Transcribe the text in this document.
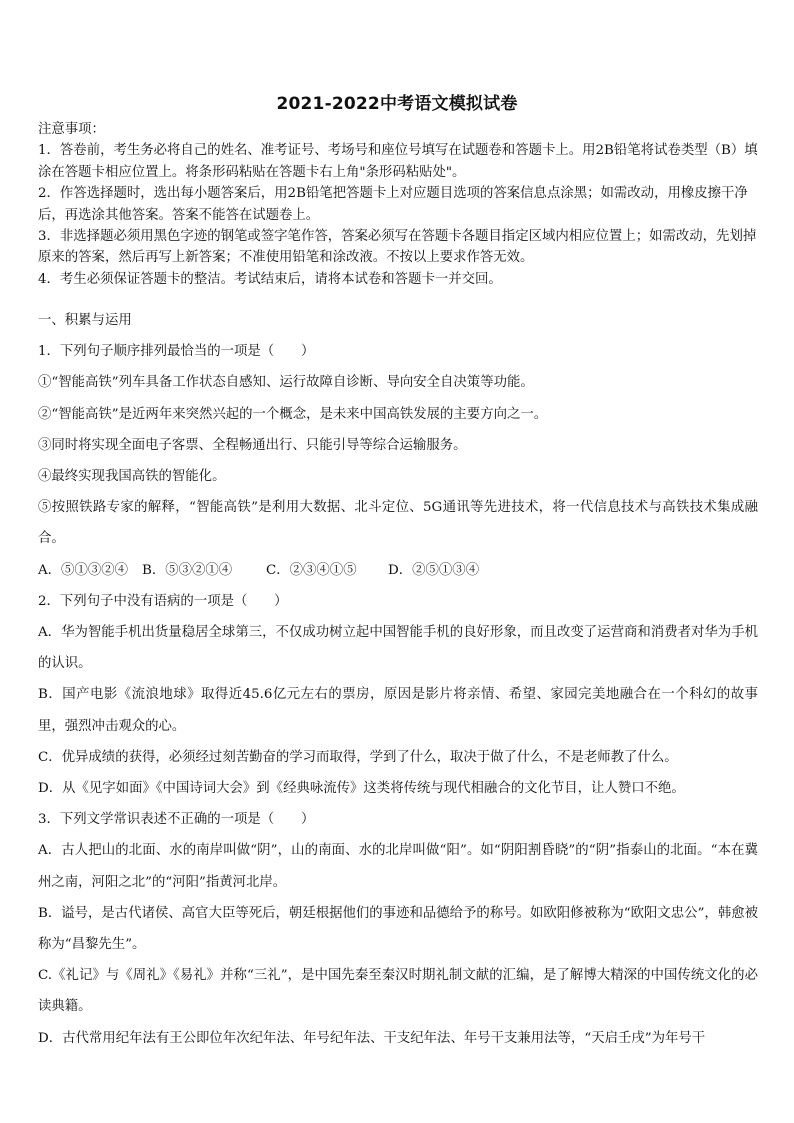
2021-2022中考语文模拟试卷

注意事项：

1．答卷前，考生务必将自己的姓名、准考证号、考场号和座位号填写在试题卷和答题卡上。用2B铅笔将试卷类型（B）填涂在答题卡相应位置上。将条形码粘贴在答题卡右上角"条形码粘贴处"。

2．作答选择题时，选出每小题答案后，用2B铅笔把答题卡上对应题目选项的答案信息点涂黑；如需改动，用橡皮擦干净后，再选涂其他答案。答案不能答在试题卷上。

3．非选择题必须用黑色字迹的钢笔或签字笔作答，答案必须写在答题卡各题目指定区域内相应位置上；如需改动，先划掉原来的答案，然后再写上新答案；不准使用铅笔和涂改液。不按以上要求作答无效。

4．考生必须保证答题卡的整洁。考试结束后，请将本试卷和答题卡一并交回。

一、积累与运用

1．下列句子顺序排列最恰当的一项是（　　）

①“智能高铁”列车具备工作状态自感知、运行故障自诊断、导向安全自决策等功能。

②“智能高铁”是近两年来突然兴起的一个概念，是未来中国高铁发展的主要方向之一。

③同时将实现全面电子客票、全程畅通出行、只能引导等综合运输服务。

④最终实现我国高铁的智能化。

⑤按照铁路专家的解释，“智能高铁”是利用大数据、北斗定位、5G通讯等先进技术，将一代信息技术与高铁技术集成融合。

A．⑤①③②④ B．⑤③②①④	C．②③④①⑤ D．②⑤①③④

2．下列句子中没有语病的一项是（　　）

A．华为智能手机出货量稳居全球第三，不仅成功树立起中国智能手机的良好形象，而且改变了运营商和消费者对华为手机的认识。

B．国产电影《流浪地球》取得近45.6亿元左右的票房，原因是影片将亲情、希望、家园完美地融合在一个科幻的故事里，强烈冲击观众的心。

C．优异成绩的获得，必须经过刻苦勤奋的学习而取得，学到了什么，取决于做了什么，不是老师教了什么。

D．从《见字如面》《中国诗词大会》到《经典咏流传》这类将传统与现代相融合的文化节目，让人赞口不绝。

3．下列文学常识表述不正确的一项是（　　）

A．古人把山的北面、水的南岸叫做“阴”，山的南面、水的北岸叫做“阳”。如“阴阳割昏晓”的“阴”指泰山的北面。“本在冀州之南，河阳之北”的“河阳”指黄河北岸。

B．谥号，是古代诸侯、高官大臣等死后，朝廷根据他们的事迹和品德给予的称号。如欧阳修被称为“欧阳文忠公”，韩愈被称为“昌黎先生”。

C.《礼记》与《周礼》《易礼》并称“三礼”，是中国先秦至秦汉时期礼制文献的汇编，是了解博大精深的中国传统文化的必读典籍。

D．古代常用纪年法有王公即位年次纪年法、年号纪年法、干支纪年法、年号干支兼用法等，“天启壬戌”为年号干
